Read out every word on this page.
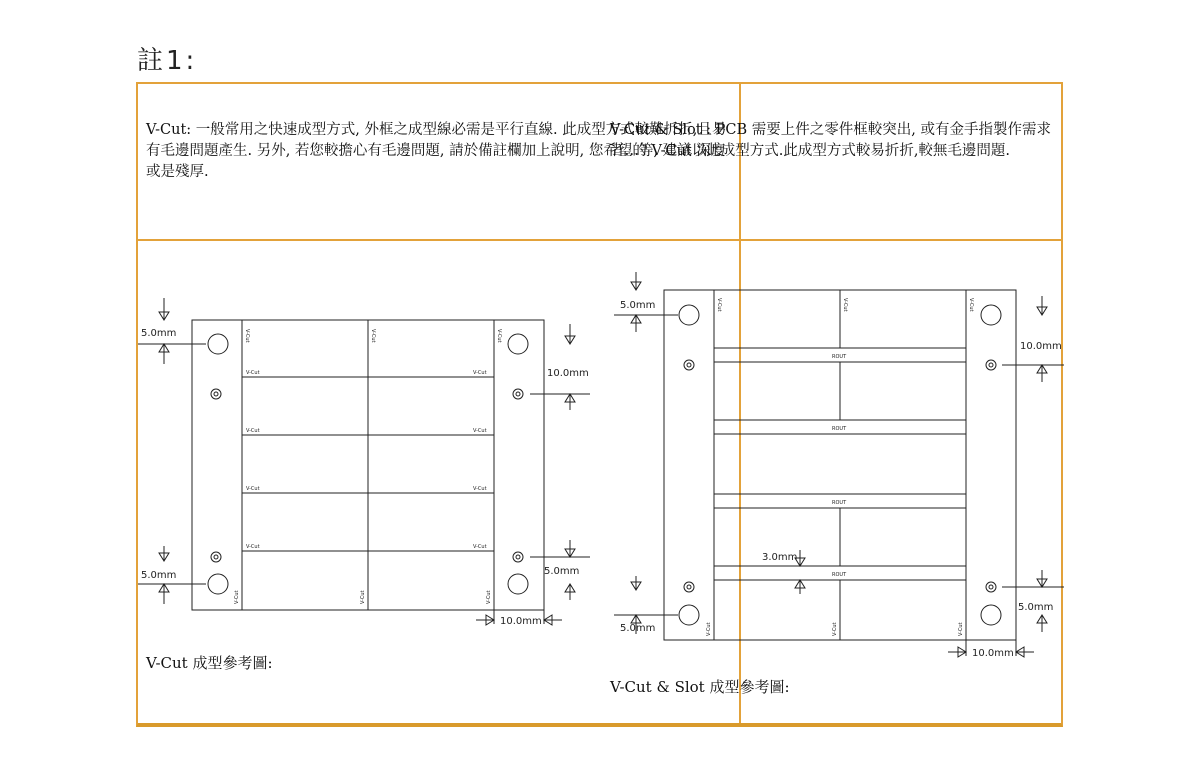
註1:
V-Cut: 一般常用之快速成型方式, 外框之成型線必需是平行直線. 此成型方式較難折折,且易有毛邊問題產生. 另外, 若您較擔心有毛邊問題, 請於備註欄加上說明, 您希望的 V-Cut 深度或是殘厚.
V-Cut & Slot : PCB 需要上件之零件框較突出, 或有金手指製作需求者…等, 建議以此成型方式.此成型方式較易折折,較無毛邊問題.
5.0mm
5.0mm
10.0mm
5.0mm
10.0mm
V-Cut	V-Cut
V-Cut	V-Cut
V-Cut	V-Cut
V-Cut	V-Cut
V-Cut	V-Cut	V-Cut
V-Cut	V-Cut	V-Cut
V-Cut 成型參考圖:
5.0mm
5.0mm
10.0mm
5.0mm
3.0mm
10.0mm
ROUT
ROUT
ROUT
ROUT
V-Cut	V-Cut	V-Cut
V-Cut	V-Cut	V-Cut
V-Cut & Slot 成型參考圖:
